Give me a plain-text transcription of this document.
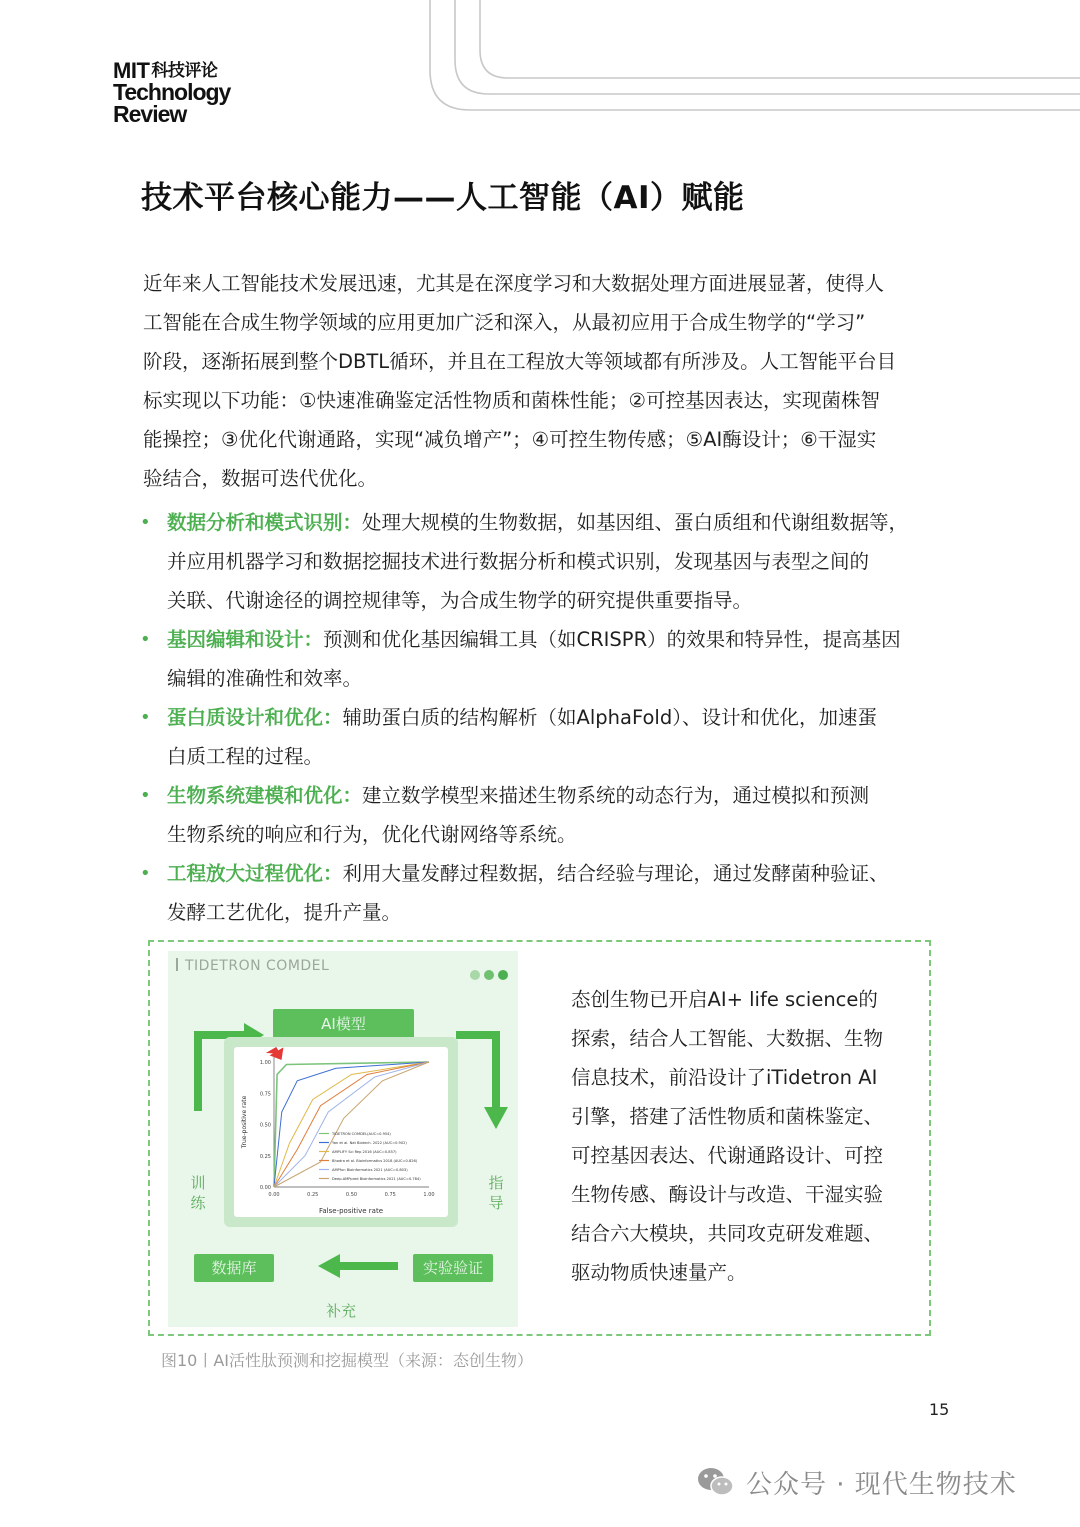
MIT 科技评论
Technology
Review
技术平台核心能力——人工智能（AI）赋能
近年来人工智能技术发展迅速，尤其是在深度学习和大数据处理方面进展显著，使得人
工智能在合成生物学领域的应用更加广泛和深入，从最初应用于合成生物学的“学习”
阶段，逐渐拓展到整个DBTL循环，并且在工程放大等领域都有所涉及。人工智能平台目
标实现以下功能：①快速准确鉴定活性物质和菌株性能；②可控基因表达，实现菌株智
能操控；③优化代谢通路，实现“减负增产”；④可控生物传感；⑤AI酶设计；⑥干湿实
验结合，数据可迭代优化。
• 数据分析和模式识别：处理大规模的生物数据，如基因组、蛋白质组和代谢组数据等，
并应用机器学习和数据挖掘技术进行数据分析和模式识别，发现基因与表型之间的
关联、代谢途径的调控规律等，为合成生物学的研究提供重要指导。
• 基因编辑和设计：预测和优化基因编辑工具（如CRISPR）的效果和特异性，提高基因
编辑的准确性和效率。
• 蛋白质设计和优化：辅助蛋白质的结构解析（如AlphaFold）、设计和优化，加速蛋
白质工程的过程。
• 生物系统建模和优化：建立数学模型来描述生物系统的动态行为，通过模拟和预测
生物系统的响应和行为，优化代谢网络等系统。
• 工程放大过程优化：利用大量发酵过程数据，结合经验与理论，通过发酵菌种验证、
发酵工艺优化，提升产量。
TIDETRON COMDEL
AI模型
训练
指导
数据库	实验验证
补充
TIDETRON COMDEL(AUC=0.954)
Yan et al. Nat Biotech. 2022 (AUC=0.902)
AMPLIFY Sci Rep 2016 (AUC=0.857)
Bhadra et al. Bioinformatics 2018 (AUC=0.826)
AMPfun Bioinformatics 2021 (AUC=0.803)
Deep-AMPpred Bioinformatics 2021 (AUC=0.784)
0.00	0.25	0.50	0.75	1.00
0.00
0.25
0.50
0.75
1.00
False-positive rate
True-positive rate
态创生物已开启AI+ life science的
探索，结合人工智能、大数据、生物
信息技术，前沿设计了iTidetron AI
引擎，搭建了活性物质和菌株鉴定、
可控基因表达、代谢通路设计、可控
生物传感、酶设计与改造、干湿实验
结合六大模块，共同攻克研发难题、
驱动物质快速量产。
图10丨AI活性肽预测和挖掘模型（来源：态创生物）
15
公众号 · 现代生物技术
